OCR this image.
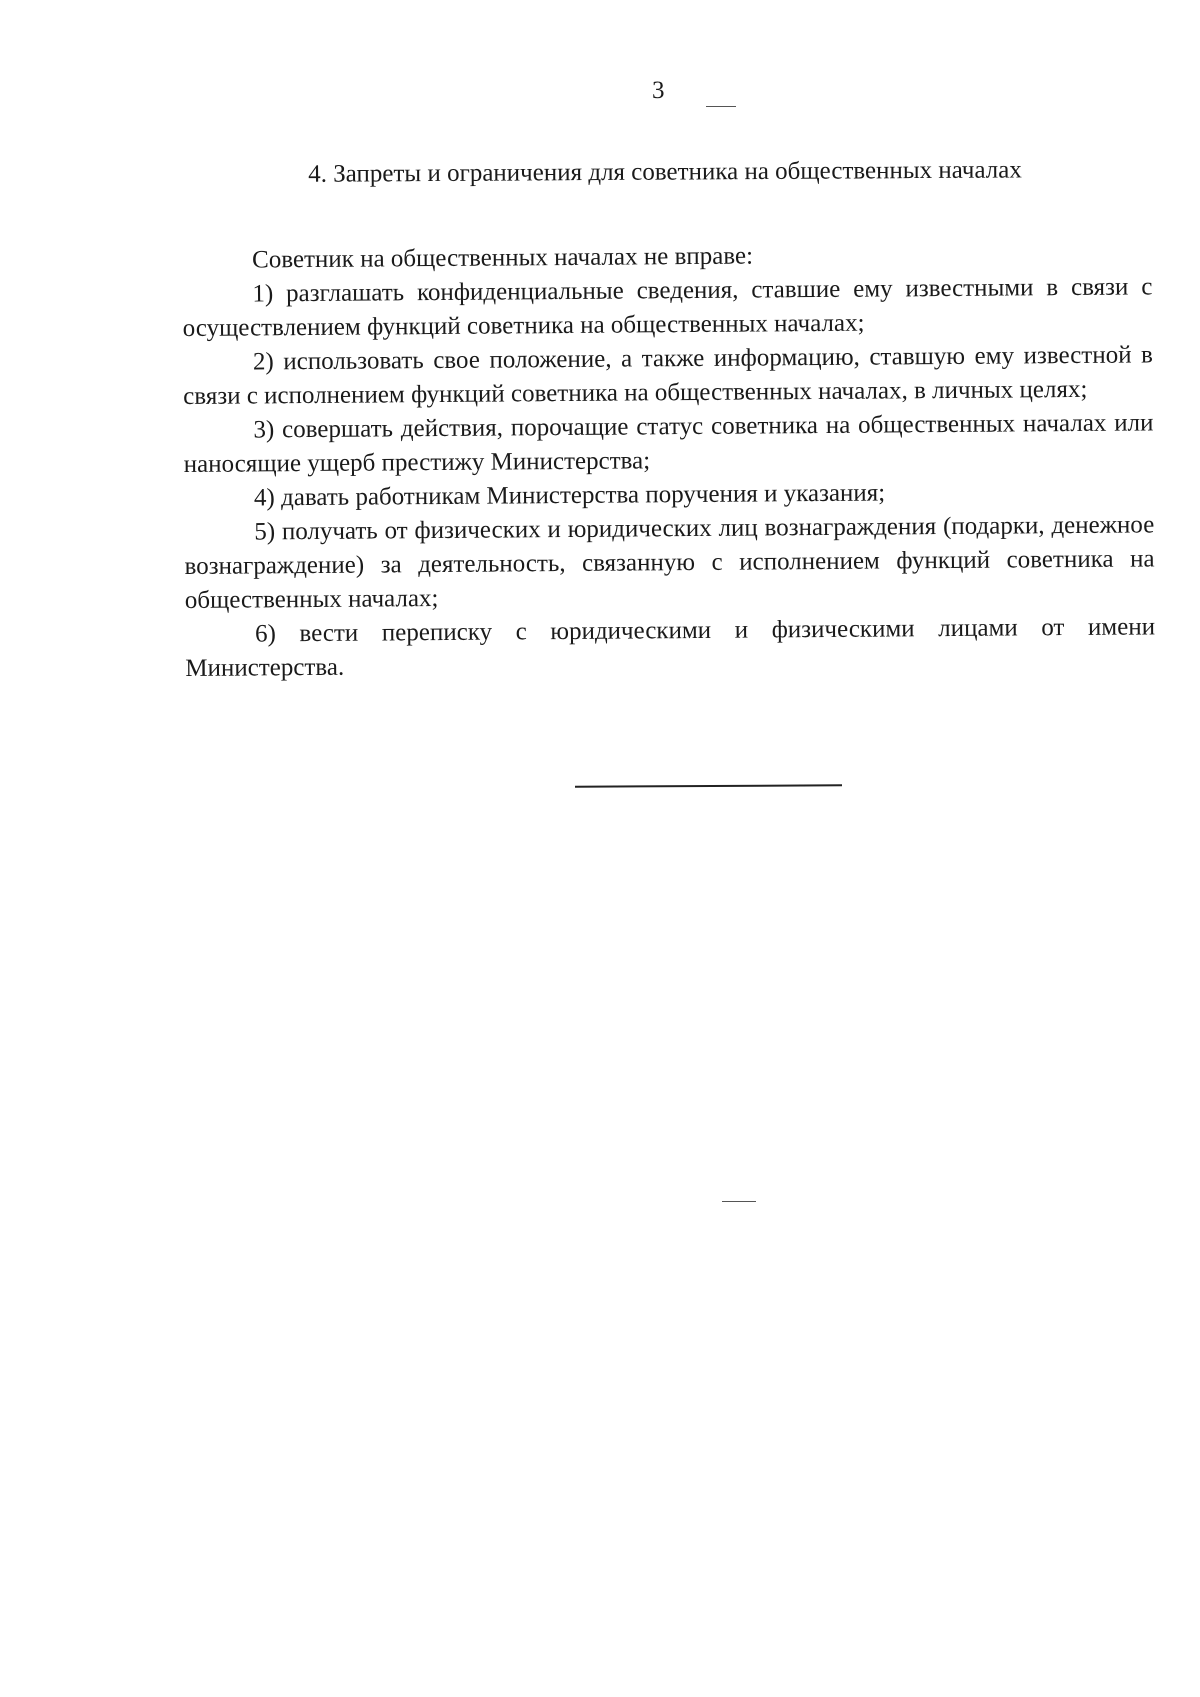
3
4. Запреты и ограничения для советника на общественных началах

Советник на общественных началах не вправе:

1) разглашать конфиденциальные сведения, ставшие ему известными в связи с осуществлением функций советника на общественных началах;

2) использовать свое положение, а также информацию, ставшую ему известной в связи с исполнением функций советника на общественных началах, в личных целях;

3) совершать действия, порочащие статус советника на общественных началах или наносящие ущерб престижу Министерства;

4) давать работникам Министерства поручения и указания;

5) получать от физических и юридических лиц вознаграждения (подарки, денежное вознаграждение) за деятельность, связанную с исполнением функций советника на общественных началах;

6) вести переписку с юридическими и физическими лицами от имени Министерства.
